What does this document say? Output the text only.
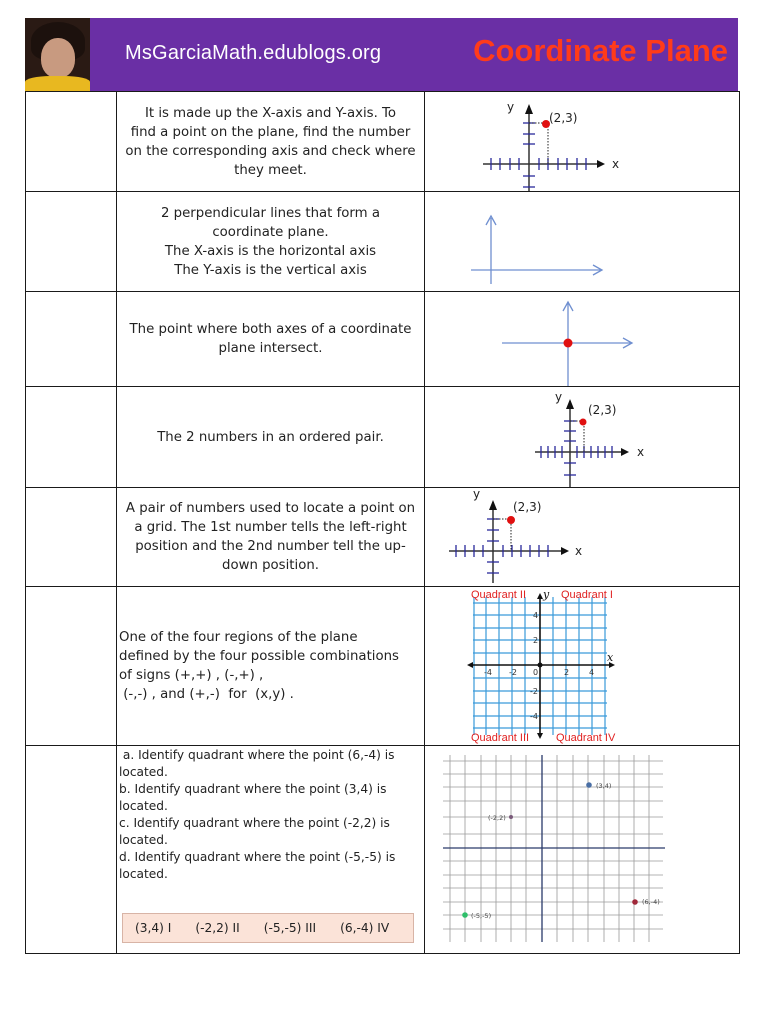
MsGarciaMath.edublogs.org	Coordinate Plane

	It is made up the X-axis and Y-axis. To
find a point on the plane, find the number
on the corresponding axis and check where
they meet.	y
(2,3)
x

	2 perpendicular lines that form a
coordinate plane.
The X-axis is the horizontal axis
The Y-axis is the vertical axis

	The point where both axes of a coordinate
plane intersect.

	The 2 numbers in an ordered pair.	y
(2,3)
x

	A pair of numbers used to locate a point on
a grid. The 1st number tells the left-right
position and the 2nd number tell the up-
down position.	y
(2,3)
x

One of the four regions of the plane
defined by the four possible combinations
of signs (+,+) , (-,+) ,
(-,-) , and (+,-)  for  (x,y) .

Quadrant II	Quadrant I
Quadrant III Quadrant IV
-4 -2 0	2 4
4
2
-2
-4
y
x

a. Identify quadrant where the point (6,-4) is
located.
b. Identify quadrant where the point (3,4) is
located.
c. Identify quadrant where the point (-2,2) is
located.
d. Identify quadrant where the point (-5,-5) is
located.
(3,4) I (-2,2) II (-5,-5) III (6,-4) IV

(3,4)
(-2,2)
(-5,-5)
(6,-4)
